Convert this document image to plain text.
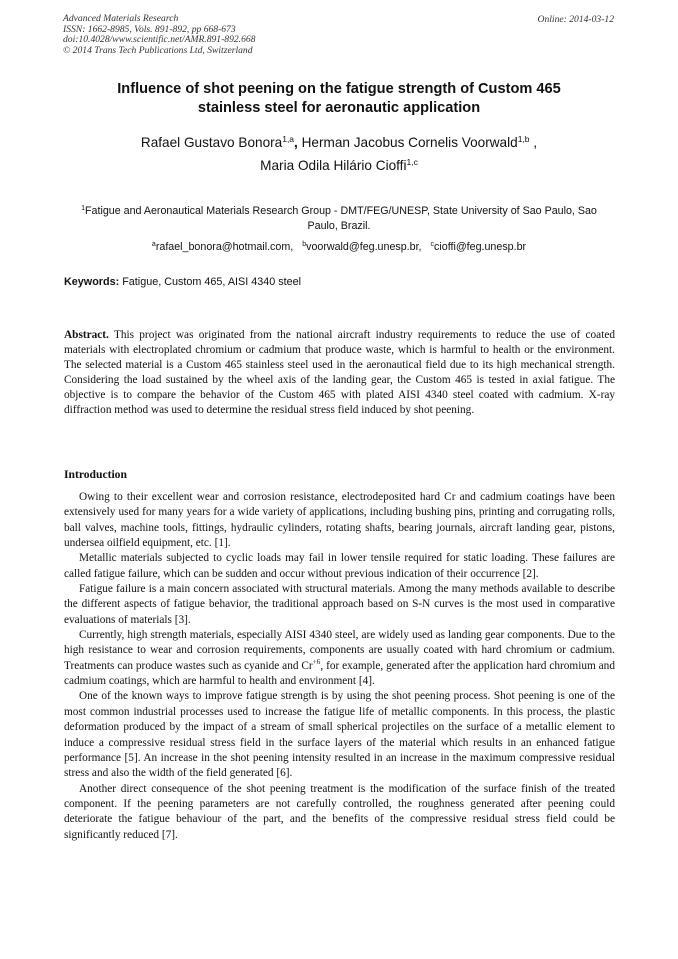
Advanced Materials Research
ISSN: 1662-8985, Vols. 891-892, pp 668-673
doi:10.4028/www.scientific.net/AMR.891-892.668
© 2014 Trans Tech Publications Ltd, Switzerland
Online: 2014-03-12
Influence of shot peening on the fatigue strength of Custom 465
stainless steel for aeronautic application
Rafael Gustavo Bonora$^{1,a}$, Herman Jacobus Cornelis Voorwald$^{1,b}$ ,
Maria Odila Hilário Cioffi$^{1,c}$
$^1$Fatigue and Aeronautical Materials Research Group - DMT/FEG/UNESP, State University of Sao Paulo, Sao Paulo, Brazil.
$^a$rafael_bonora@hotmail.com, $^b$voorwald@feg.unesp.br, $^c$cioffi@feg.unesp.br
Keywords: Fatigue, Custom 465, AISI 4340 steel
Abstract. This project was originated from the national aircraft industry requirements to reduce the use of coated materials with electroplated chromium or cadmium that produce waste, which is harmful to health or the environment. The selected material is a Custom 465 stainless steel used in the aeronautical field due to its high mechanical strength. Considering the load sustained by the wheel axis of the landing gear, the Custom 465 is tested in axial fatigue. The objective is to compare the behavior of the Custom 465 with plated AISI 4340 steel coated with cadmium. X-ray diffraction method was used to determine the residual stress field induced by shot peening.
Introduction

Owing to their excellent wear and corrosion resistance, electrodeposited hard Cr and cadmium coatings have been extensively used for many years for a wide variety of applications, including bushing pins, printing and corrugating rolls, ball valves, machine tools, fittings, hydraulic cylinders, rotating shafts, bearing journals, aircraft landing gear, pistons, undersea oilfield equipment, etc. [1].

Metallic materials subjected to cyclic loads may fail in lower tensile required for static loading. These failures are called fatigue failure, which can be sudden and occur without previous indication of their occurrence [2].

Fatigue failure is a main concern associated with structural materials. Among the many methods available to describe the different aspects of fatigue behavior, the traditional approach based on S-N curves is the most used in comparative evaluations of materials [3].

Currently, high strength materials, especially AISI 4340 steel, are widely used as landing gear components. Due to the high resistance to wear and corrosion requirements, components are usually coated with hard chromium or cadmium. Treatments can produce wastes such as cyanide and $Cr^{+6}$, for example, generated after the application hard chromium and cadmium coatings, which are harmful to health and environment [4].

One of the known ways to improve fatigue strength is by using the shot peening process. Shot peening is one of the most common industrial processes used to increase the fatigue life of metallic components. In this process, the plastic deformation produced by the impact of a stream of small spherical projectiles on the surface of a metallic element to induce a compressive residual stress field in the surface layers of the material which results in an enhanced fatigue performance [5]. An increase in the shot peening intensity resulted in an increase in the maximum compressive residual stress and also the width of the field generated [6].

Another direct consequence of the shot peening treatment is the modification of the surface finish of the treated component. If the peening parameters are not carefully controlled, the roughness generated after peening could deteriorate the fatigue behaviour of the part, and the benefits of the compressive residual stress field could be significantly reduced [7].
